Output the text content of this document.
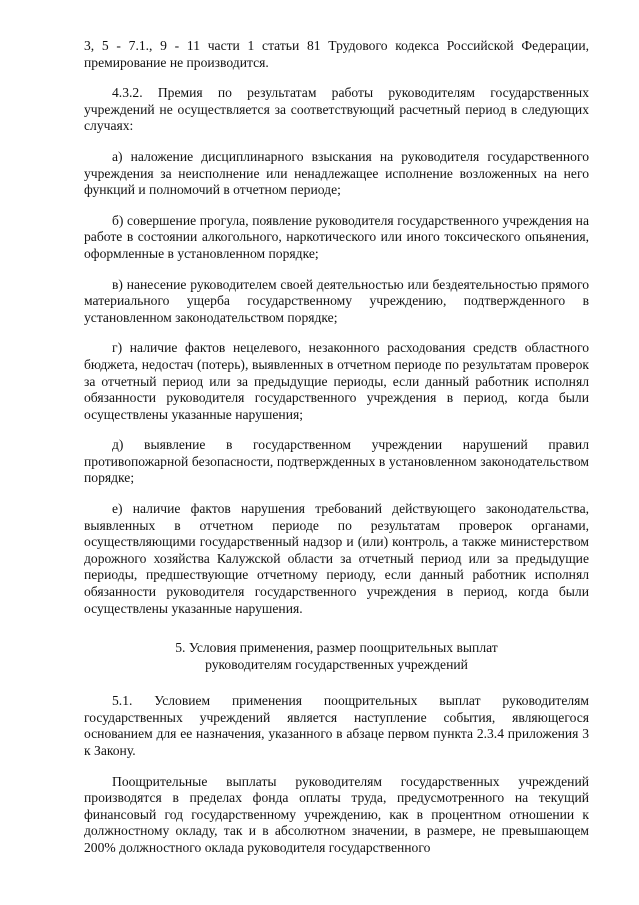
3, 5 - 7.1., 9 - 11 части 1 статьи 81 Трудового кодекса Российской Федерации, премирование не производится.

4.3.2. Премия по результатам работы руководителям государственных учреждений не осуществляется за соответствующий расчетный период в следующих случаях:

а) наложение дисциплинарного взыскания на руководителя государственного учреждения за неисполнение или ненадлежащее исполнение возложенных на него функций и полномочий в отчетном периоде;

б) совершение прогула, появление руководителя государственного учреждения на работе в состоянии алкогольного, наркотического или иного токсического опьянения, оформленные в установленном порядке;

в) нанесение руководителем своей деятельностью или бездеятельностью прямого материального ущерба государственному учреждению, подтвержденного в установленном законодательством порядке;

г) наличие фактов нецелевого, незаконного расходования средств областного бюджета, недостач (потерь), выявленных в отчетном периоде по результатам проверок за отчетный период или за предыдущие периоды, если данный работник исполнял обязанности руководителя государственного учреждения в период, когда были осуществлены указанные нарушения;

д) выявление в государственном учреждении нарушений правил противопожарной безопасности, подтвержденных в установленном законодательством порядке;

е) наличие фактов нарушения требований действующего законодательства, выявленных в отчетном периоде по результатам проверок органами, осуществляющими государственный надзор и (или) контроль, а также министерством дорожного хозяйства Калужской области за отчетный период или за предыдущие периоды, предшествующие отчетному периоду, если данный работник исполнял обязанности руководителя государственного учреждения в период, когда были осуществлены указанные нарушения.

5. Условия применения, размер поощрительных выплат
руководителям государственных учреждений

5.1. Условием применения поощрительных выплат руководителям государственных учреждений является наступление события, являющегося основанием для ее назначения, указанного в абзаце первом пункта 2.3.4 приложения 3 к Закону.

Поощрительные выплаты руководителям государственных учреждений производятся в пределах фонда оплаты труда, предусмотренного на текущий финансовый год государственному учреждению, как в процентном отношении к должностному окладу, так и в абсолютном значении, в размере, не превышающем 200% должностного оклада руководителя государственного
